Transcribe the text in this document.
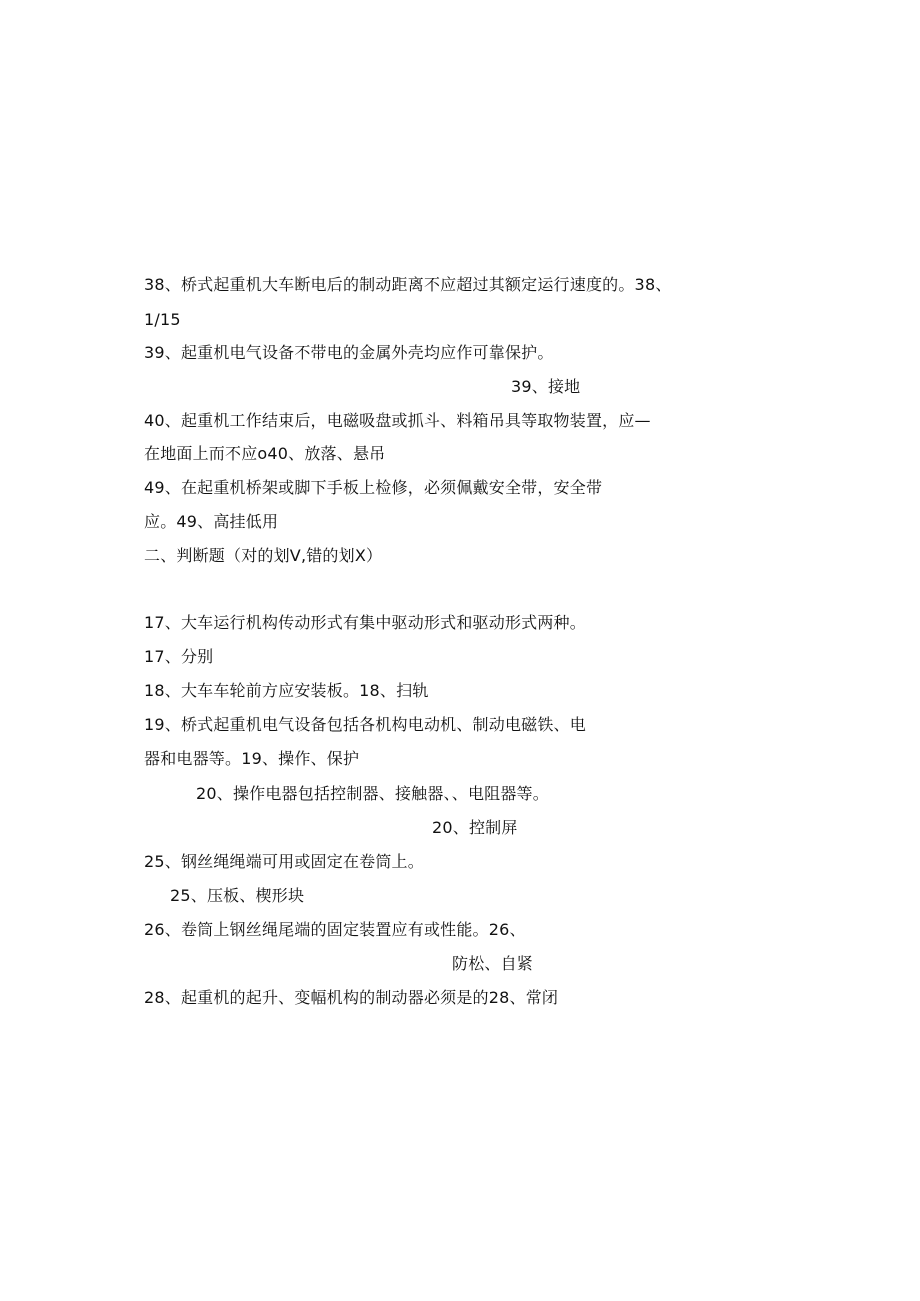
38、桥式起重机大车断电后的制动距离不应超过其额定运行速度的。38、
1/15
39、起重机电气设备不带电的金属外壳均应作可靠保护。
39、接地
40、起重机工作结束后，电磁吸盘或抓斗、料箱吊具等取物装置，应—
在地面上而不应o40、放落、悬吊
49、在起重机桥架或脚下手板上检修，必须佩戴安全带，安全带
应。49、高挂低用
二、判断题（对的划V,错的划X）
17、大车运行机构传动形式有集中驱动形式和驱动形式两种。
17、分别
18、大车车轮前方应安装板。18、扫轨
19、桥式起重机电气设备包括各机构电动机、制动电磁铁、电
器和电器等。19、操作、保护
20、操作电器包括控制器、接触器、、电阻器等。
20、控制屏
25、钢丝绳绳端可用或固定在卷筒上。
25、压板、楔形块
26、卷筒上钢丝绳尾端的固定装置应有或性能。26、
防松、自紧
28、起重机的起升、变幅机构的制动器必须是的28、常闭
